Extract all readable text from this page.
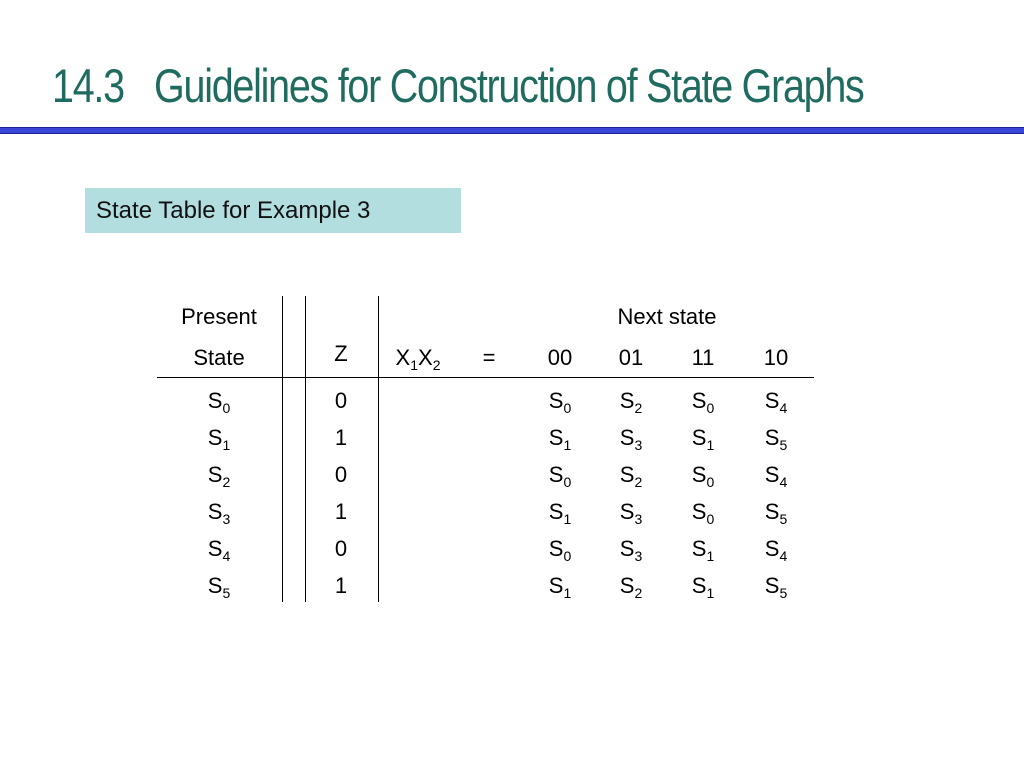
14.3 Guidelines for Construction of State Graphs
State Table for Example 3
Present
State	Z $X_1X_2$ =
Next state
00 01 11 10
$S_0$	0	$S_0$ $S_2$ $S_0$ $S_4$
$S_1$	1	$S_1$ $S_3$ $S_1$ $S_5$
$S_2$	0	$S_0$ $S_2$ $S_0$ $S_4$
$S_3$	1	$S_1$ $S_3$ $S_0$ $S_5$
$S_4$	0	$S_0$ $S_3$ $S_1$ $S_4$
$S_5$	1	$S_1$ $S_2$ $S_1$ $S_5$
